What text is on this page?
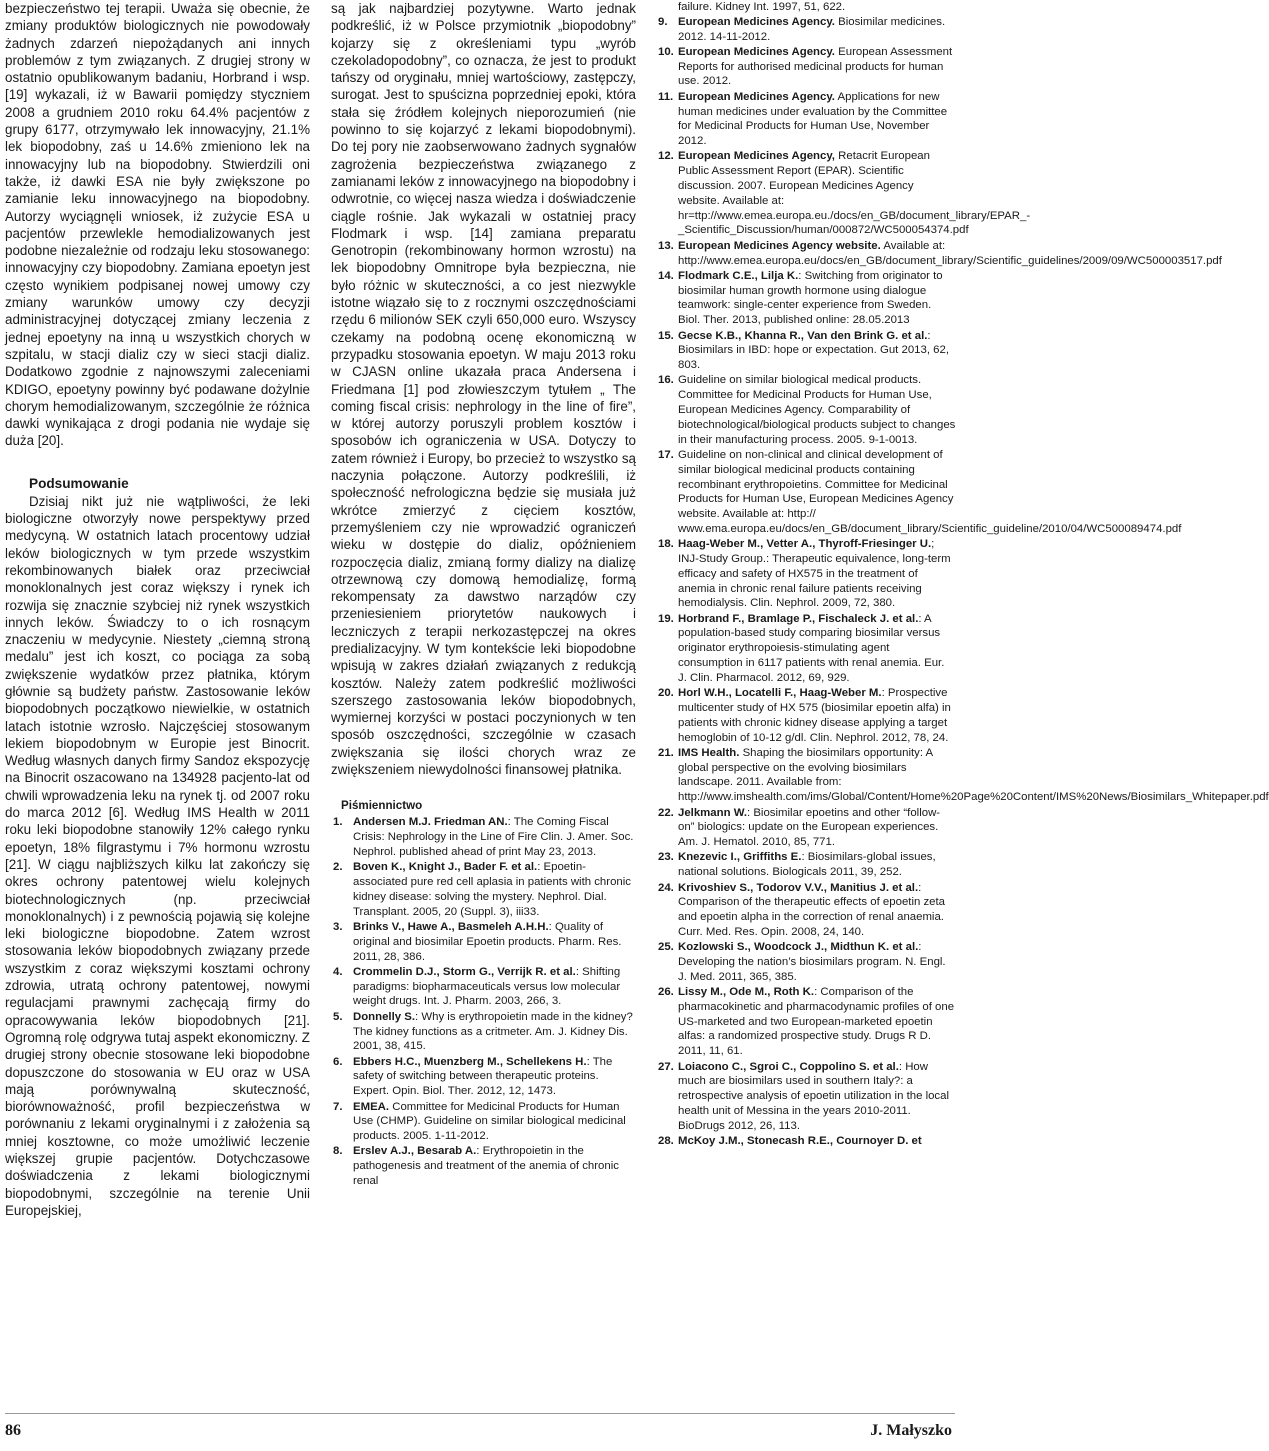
bezpieczeństwo tej terapii. Uważa się obecnie, że zmiany produktów biologicznych nie powodowały żadnych zdarzeń niepożądanych ani innych problemów z tym związanych. Z drugiej strony w ostatnio opublikowanym badaniu, Horbrand i wsp. [19] wykazali, iż w Bawarii pomiędzy styczniem 2008 a grudniem 2010 roku 64.4% pacjentów z grupy 6177, otrzymywało lek innowacyjny, 21.1% lek biopodobny, zaś u 14.6% zmieniono lek na innowacyjny lub na biopodobny. Stwierdzili oni także, iż dawki ESA nie były zwiększone po zamianie leku innowacyjnego na biopodobny. Autorzy wyciągnęli wniosek, iż zużycie ESA u pacjentów przewlekle hemodializowanych jest podobne niezależnie od rodzaju leku stosowanego: innowacyjny czy biopodobny. Zamiana epoetyn jest często wynikiem podpisanej nowej umowy czy zmiany warunków umowy czy decyzji administracyjnej dotyczącej zmiany leczenia z jednej epoetyny na inną u wszystkich chorych w szpitalu, w stacji dializ czy w sieci stacji dializ. Dodatkowo zgodnie z najnowszymi zaleceniami KDIGO, epoetyny powinny być podawane dożylnie chorym hemodializowanym, szczególnie że różnica dawki wynikająca z drogi podania nie wydaje się duża [20].

Podsumowanie

Dzisiaj nikt już nie wątpliwości, że leki biologiczne otworzyły nowe perspektywy przed medycyną. W ostatnich latach procentowy udział leków biologicznych w tym przede wszystkim rekombinowanych białek oraz przeciwciał monoklonalnych jest coraz większy i rynek ich rozwija się znacznie szybciej niż rynek wszystkich innych leków. Świadczy to o ich rosnącym znaczeniu w medycynie. Niestety „ciemną stroną medalu” jest ich koszt, co pociąga za sobą zwiększenie wydatków przez płatnika, którym głównie są budżety państw. Zastosowanie leków biopodobnych początkowo niewielkie, w ostatnich latach istotnie wzrosło. Najczęściej stosowanym lekiem biopodobnym w Europie jest Binocrit. Według własnych danych firmy Sandoz ekspozycję na Binocrit oszacowano na 134928 pacjento-lat od chwili wprowadzenia leku na rynek tj. od 2007 roku do marca 2012 [6]. Według IMS Health w 2011 roku leki biopodobne stanowiły 12% całego rynku epoetyn, 18% filgrastymu i 7% hormonu wzrostu [21]. W ciągu najbliższych kilku lat zakończy się okres ochrony patentowej wielu kolejnych biotechnologicznych (np. przeciwciał monoklonalnych) i z pewnością pojawią się kolejne leki biologiczne biopodobne. Zatem wzrost stosowania leków biopodobnych związany przede wszystkim z coraz większymi kosztami ochrony zdrowia, utratą ochrony patentowej, nowymi regulacjami prawnymi zachęcają firmy do opracowywania leków biopodobnych [21]. Ogromną rolę odgrywa tutaj aspekt ekonomiczny. Z drugiej strony obecnie stosowane leki biopodobne dopuszczone do stosowania w EU oraz w USA mają porównywalną skuteczność, biorównoważność, profil bezpieczeństwa w porównaniu z lekami oryginalnymi i z założenia są mniej kosztowne, co może umożliwić leczenie większej grupie pacjentów. Dotychczasowe doświadczenia z lekami biologicznymi biopodobnymi, szczególnie na terenie Unii Europejskiej,

są jak najbardziej pozytywne. Warto jednak podkreślić, iż w Polsce przymiotnik „biopodobny” kojarzy się z określeniami typu „wyrób czekoladopodobny”, co oznacza, że jest to produkt tańszy od oryginału, mniej wartościowy, zastępczy, surogat. Jest to spuścizna poprzedniej epoki, która stała się źródłem kolejnych nieporozumień (nie powinno to się kojarzyć z lekami biopodobnymi). Do tej pory nie zaobserwowano żadnych sygnałów zagrożenia bezpieczeństwa związanego z zamianami leków z innowacyjnego na biopodobny i odwrotnie, co więcej nasza wiedza i doświadczenie ciągle rośnie. Jak wykazali w ostatniej pracy Flodmark i wsp. [14] zamiana preparatu Genotropin (rekombinowany hormon wzrostu) na lek biopodobny Omnitrope była bezpieczna, nie było różnic w skuteczności, a co jest niezwykle istotne wiązało się to z rocznymi oszczędnościami rzędu 6 milionów SEK czyli 650,000 euro. Wszyscy czekamy na podobną ocenę ekonomiczną w przypadku stosowania epoetyn. W maju 2013 roku w CJASN online ukazała praca Andersena i Friedmana [1] pod złowieszczym tytułem „ The coming fiscal crisis: nephrology in the line of fire”, w której autorzy poruszyli problem kosztów i sposobów ich ograniczenia w USA. Dotyczy to zatem również i Europy, bo przecież to wszystko są naczynia połączone. Autorzy podkreślili, iż społeczność nefrologiczna będzie się musiała już wkrótce zmierzyć z cięciem kosztów, przemyśleniem czy nie wprowadzić ograniczeń wieku w dostępie do dializ, opóźnieniem rozpoczęcia dializ, zmianą formy dializy na dializę otrzewnową czy domową hemodializę, formą rekompensaty za dawstwo narządów czy przeniesieniem priorytetów naukowych i leczniczych z terapii nerkozastępczej na okres predializacyjny. W tym kontekście leki biopodobne wpisują w zakres działań związanych z redukcją kosztów. Należy zatem podkreślić możliwości szerszego zastosowania leków biopodobnych, wymiernej korzyści w postaci poczynionych w ten sposób oszczędności, szczególnie w czasach zwiększania się ilości chorych wraz ze zwiększeniem niewydolności finansowej płatnika.

Piśmiennictwo
1. Andersen M.J. Friedman AN.: The Coming Fiscal Crisis: Nephrology in the Line of Fire Clin. J. Amer. Soc. Nephrol. published ahead of print May 23, 2013.
2. Boven K., Knight J., Bader F. et al.: Epoetin-associated pure red cell aplasia in patients with chronic kidney disease: solving the mystery. Nephrol. Dial. Transplant. 2005, 20 (Suppl. 3), iii33.
3. Brinks V., Hawe A., Basmeleh A.H.H.: Quality of original and biosimilar Epoetin products. Pharm. Res. 2011, 28, 386.
4. Crommelin D.J., Storm G., Verrijk R. et al.: Shifting paradigms: biopharmaceuticals versus low molecular weight drugs. Int. J. Pharm. 2003, 266, 3.
5. Donnelly S.: Why is erythropoietin made in the kidney? The kidney functions as a critmeter. Am. J. Kidney Dis. 2001, 38, 415.
6. Ebbers H.C., Muenzberg M., Schellekens H.: The safety of switching between therapeutic proteins. Expert. Opin. Biol. Ther. 2012, 12, 1473.
7. EMEA. Committee for Medicinal Products for Human Use (CHMP). Guideline on similar biological medicinal products. 2005. 1-11-2012.
8. Erslev A.J., Besarab A.: Erythropoietin in the pathogenesis and treatment of the anemia of chronic renal
failure. Kidney Int. 1997, 51, 622.
9. European Medicines Agency. Biosimilar medicines. 2012. 14-11-2012.
10. European Medicines Agency. European Assessment Reports for authorised medicinal products for human use. 2012.
11. European Medicines Agency. Applications for new human medicines under evaluation by the Committee for Medicinal Products for Human Use, November 2012.
12. European Medicines Agency, Retacrit European Public Assessment Report (EPAR). Scientific discussion. 2007. European Medicines Agency website. Available at: hr=ttp://www.emea.europa.eu./docs/en_GB/document_library/EPAR_-_Scientific_Discussion/human/000872/WC500054374.pdf
13. European Medicines Agency website. Available at: http://www.emea.europa.eu/docs/en_GB/document_library/Scientific_guidelines/2009/09/WC500003517.pdf
14. Flodmark C.E., Lilja K.: Switching from originator to biosimilar human growth hormone using dialogue teamwork: single-center experience from Sweden. Biol. Ther. 2013, published online: 28.05.2013
15. Gecse K.B., Khanna R., Van den Brink G. et al.: Biosimilars in IBD: hope or expectation. Gut 2013, 62, 803.
16. Guideline on similar biological medical products. Committee for Medicinal Products for Human Use, European Medicines Agency. Comparability of biotechnological/biological products subject to changes in their manufacturing process. 2005. 9-1-0013.
17. Guideline on non-clinical and clinical development of similar biological medicinal products containing recombinant erythropoietins. Committee for Medicinal Products for Human Use, European Medicines Agency website. Available at: http:// www.ema.europa.eu/docs/en_GB/document_library/Scientific_guideline/2010/04/WC500089474.pdf
18. Haag-Weber M., Vetter A., Thyroff-Friesinger U.; INJ-Study Group.: Therapeutic equivalence, long-term efficacy and safety of HX575 in the treatment of anemia in chronic renal failure patients receiving hemodialysis. Clin. Nephrol. 2009, 72, 380.
19. Horbrand F., Bramlage P., Fischaleck J. et al.: A population-based study comparing biosimilar versus originator erythropoiesis-stimulating agent consumption in 6117 patients with renal anemia. Eur. J. Clin. Pharmacol. 2012, 69, 929.
20. Horl W.H., Locatelli F., Haag-Weber M.: Prospective multicenter study of HX 575 (biosimilar epoetin alfa) in patients with chronic kidney disease applying a target hemoglobin of 10-12 g/dl. Clin. Nephrol. 2012, 78, 24.
21. IMS Health. Shaping the biosimilars opportunity: A global perspective on the evolving biosimilars landscape. 2011. Available from: http://www.imshealth.com/ims/Global/Content/Home%20Page%20Content/IMS%20News/Biosimilars_Whitepaper.pdf
22. Jelkmann W.: Biosimilar epoetins and other “follow-on” biologics: update on the European experiences. Am. J. Hematol. 2010, 85, 771.
23. Knezevic I., Griffiths E.: Biosimilars-global issues, national solutions. Biologicals 2011, 39, 252.
24. Krivoshiev S., Todorov V.V., Manitius J. et al.: Comparison of the therapeutic effects of epoetin zeta and epoetin alpha in the correction of renal anaemia. Curr. Med. Res. Opin. 2008, 24, 140.
25. Kozlowski S., Woodcock J., Midthun K. et al.: Developing the nation’s biosimilars program. N. Engl. J. Med. 2011, 365, 385.
26. Lissy M., Ode M., Roth K.: Comparison of the pharmacokinetic and pharmacodynamic profiles of one US-marketed and two European-marketed epoetin alfas: a randomized prospective study. Drugs R D. 2011, 11, 61.
27. Loiacono C., Sgroi C., Coppolino S. et al.: How much are biosimilars used in southern Italy?: a retrospective analysis of epoetin utilization in the local health unit of Messina in the years 2010-2011. BioDrugs 2012, 26, 113.
28. McKoy J.M., Stonecash R.E., Cournoyer D. et
86	J. Małyszko
